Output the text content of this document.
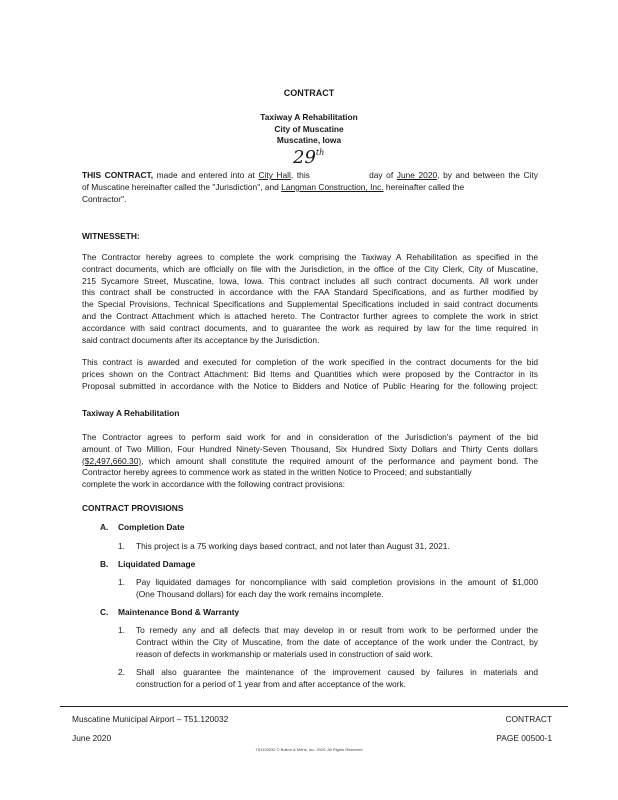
CONTRACT
Taxiway A Rehabilitation
City of Muscatine
Muscatine, Iowa
29th
THIS CONTRACT, made and entered into at City Hall, this	day of June 2020, by and between the City
of Muscatine hereinafter called the "Jurisdiction", and Langman Construction, Inc. hereinafter called the
Contractor".
WITNESSETH:
The Contractor hereby agrees to complete the work comprising the Taxiway A Rehabilitation as specified in the
contract documents, which are officially on file with the Jurisdiction, in the office of the City Clerk, City of Muscatine,
215 Sycamore Street, Muscatine, Iowa, Iowa. This contract includes all such contract documents. All work under
this contract shall be constructed in accordance with the FAA Standard Specifications, and as further modified by
the Special Provisions, Technical Specifications and Supplemental Specifications included in said contract documents
and the Contract Attachment which is attached hereto. The Contractor further agrees to complete the work in strict
accordance with said contract documents, and to guarantee the work as required by law for the time required in
said contract documents after its acceptance by the Jurisdiction.
This contract is awarded and executed for completion of the work specified in the contract documents for the bid
prices shown on the Contract Attachment: Bid Items and Quantities which were proposed by the Contractor in its
Proposal submitted in accordance with the Notice to Bidders and Notice of Public Hearing for the following project:
Taxiway A Rehabilitation
The Contractor agrees to perform said work for and in consideration of the Jurisdiction's payment of the bid
amount of Two Million, Four Hundred Ninety-Seven Thousand, Six Hundred Sixty Dollars and Thirty Cents dollars
($2,497,660.30), which amount shall constitute the required amount of the performance and payment bond. The
Contractor hereby agrees to commence work as stated in the written Notice to Proceed; and substantially
complete the work in accordance with the following contract provisions:
CONTRACT PROVISIONS
A. Completion Date
1. This project is a 75 working days based contract, and not later than August 31, 2021.
B. Liquidated Damage
1. Pay liquidated damages for noncompliance with said completion provisions in the amount of $1,000
(One Thousand dollars) for each day the work remains incomplete.
C. Maintenance Bond & Warranty
1. To remedy any and all defects that may develop in or result from work to be performed under the
Contract within the City of Muscatine, from the date of acceptance of the work under the Contract, by
reason of defects in workmanship or materials used in construction of said work.
2. Shall also guarantee the maintenance of the improvement caused by failures in materials and
construction for a period of 1 year from and after acceptance of the work.
Muscatine Municipal Airport – T51.120032
June 2020
CONTRACT
PAGE 00500-1
T51120032 © Bolton & Menk, Inc. 2020, All Rights Reserved
